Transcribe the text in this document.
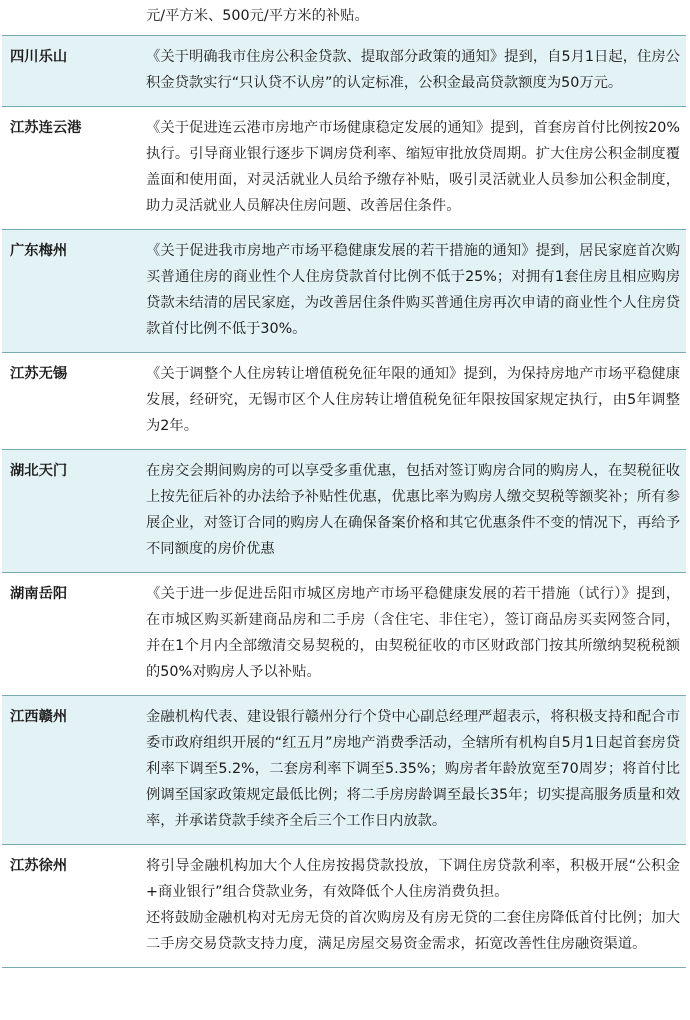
	元/平方米、500元/平方米的补贴。

四川乐山	《关于明确我市住房公积金贷款、提取部分政策的通知》提到，自5月1日起，住房公积金贷款实行“只认贷不认房”的认定标准，公积金最高贷款额度为50万元。

江苏连云港	《关于促进连云港市房地产市场健康稳定发展的通知》提到，首套房首付比例按20%执行。引导商业银行逐步下调房贷利率、缩短审批放贷周期。扩大住房公积金制度覆盖面和使用面，对灵活就业人员给予缴存补贴，吸引灵活就业人员参加公积金制度，助力灵活就业人员解决住房问题、改善居住条件。

广东梅州	《关于促进我市房地产市场平稳健康发展的若干措施的通知》提到，居民家庭首次购买普通住房的商业性个人住房贷款首付比例不低于25%；对拥有1套住房且相应购房贷款未结清的居民家庭，为改善居住条件购买普通住房再次申请的商业性个人住房贷款首付比例不低于30%。

江苏无锡	《关于调整个人住房转让增值税免征年限的通知》提到，为保持房地产市场平稳健康发展，经研究，无锡市区个人住房转让增值税免征年限按国家规定执行，由5年调整为2年。

湖北天门	在房交会期间购房的可以享受多重优惠，包括对签订购房合同的购房人，在契税征收上按先征后补的办法给予补贴性优惠，优惠比率为购房人缴交契税等额奖补；所有参展企业，对签订合同的购房人在确保备案价格和其它优惠条件不变的情况下，再给予不同额度的房价优惠

湖南岳阳	《关于进一步促进岳阳市城区房地产市场平稳健康发展的若干措施（试行）》提到，在市城区购买新建商品房和二手房（含住宅、非住宅），签订商品房买卖网签合同，并在1个月内全部缴清交易契税的，由契税征收的市区财政部门按其所缴纳契税税额的50%对购房人予以补贴。

江西赣州	金融机构代表、建设银行赣州分行个贷中心副总经理严超表示，将积极支持和配合市委市政府组织开展的“红五月”房地产消费季活动，全辖所有机构自5月1日起首套房贷利率下调至5.2%，二套房利率下调至5.35%；购房者年龄放宽至70周岁；将首付比例调至国家政策规定最低比例；将二手房房龄调至最长35年；切实提高服务质量和效率，并承诺贷款手续齐全后三个工作日内放款。

江苏徐州	将引导金融机构加大个人住房按揭贷款投放，下调住房贷款利率，积极开展“公积金+商业银行”组合贷款业务，有效降低个人住房消费负担。

还将鼓励金融机构对无房无贷的首次购房及有房无贷的二套住房降低首付比例；加大二手房交易贷款支持力度，满足房屋交易资金需求，拓宽改善性住房融资渠道。
